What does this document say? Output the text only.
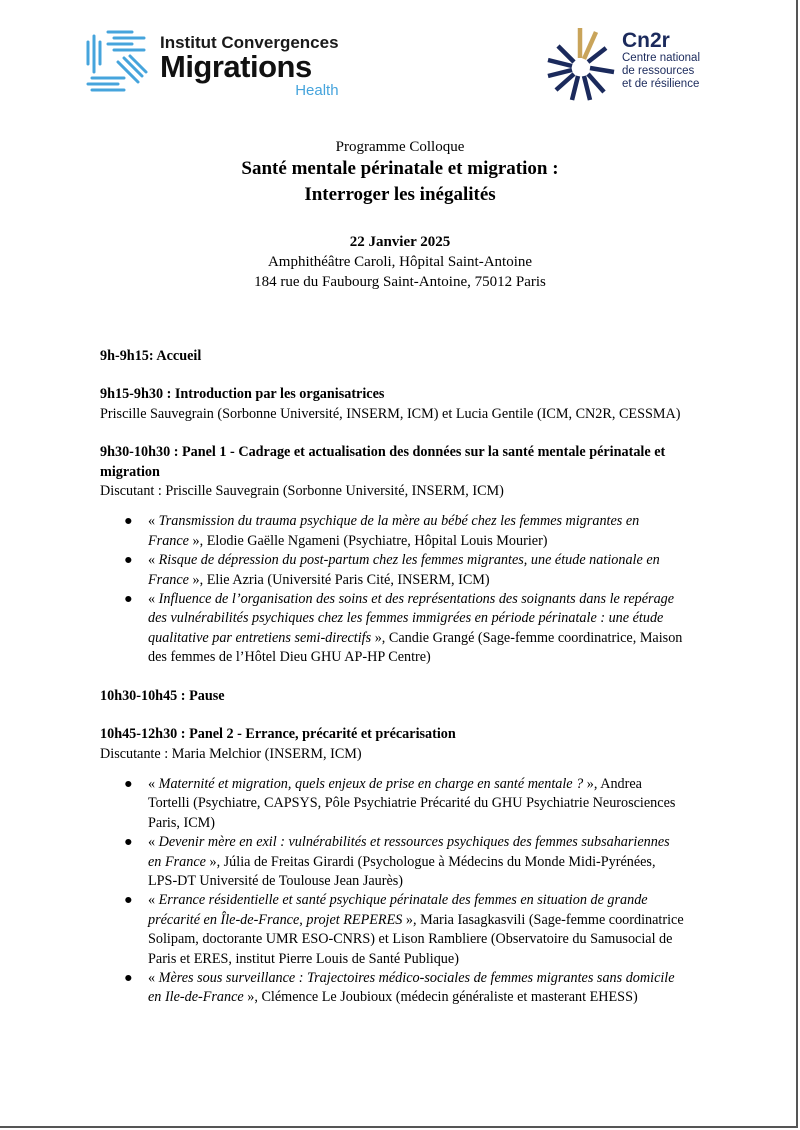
Institut Convergences
Migrations
Health
Cn2r
Centre national
de ressources
et de résilience
Programme Colloque
Santé mentale périnatale et migration :
Interroger les inégalités
22 Janvier 2025
Amphithéâtre Caroli, Hôpital Saint-Antoine
184 rue du Faubourg Saint-Antoine, 75012 Paris
9h-9h15: Accueil
9h15-9h30 : Introduction par les organisatrices
Priscille Sauvegrain (Sorbonne Université, INSERM, ICM) et Lucia Gentile (ICM, CN2R, CESSMA)
9h30-10h30 : Panel 1 - Cadrage et actualisation des données sur la santé mentale périnatale et
migration
Discutant : Priscille Sauvegrain (Sorbonne Université, INSERM, ICM)
● « Transmission du trauma psychique de la mère au bébé chez les femmes migrantes en
France », Elodie Gaëlle Ngameni (Psychiatre, Hôpital Louis Mourier)
● « Risque de dépression du post-partum chez les femmes migrantes, une étude nationale en
France », Elie Azria (Université Paris Cité, INSERM, ICM)
● « Influence de l’organisation des soins et des représentations des soignants dans le repérage
des vulnérabilités psychiques chez les femmes immigrées en période périnatale : une étude
qualitative par entretiens semi-directifs », Candie Grangé (Sage-femme coordinatrice, Maison
des femmes de l’Hôtel Dieu GHU AP-HP Centre)
10h30-10h45 : Pause
10h45-12h30 : Panel 2 - Errance, précarité et précarisation
Discutante : Maria Melchior (INSERM, ICM)
● « Maternité et migration, quels enjeux de prise en charge en santé mentale ? », Andrea
Tortelli (Psychiatre, CAPSYS, Pôle Psychiatrie Précarité du GHU Psychiatrie Neurosciences
Paris, ICM)
● « Devenir mère en exil : vulnérabilités et ressources psychiques des femmes subsahariennes
en France », Júlia de Freitas Girardi (Psychologue à Médecins du Monde Midi-Pyrénées,
LPS-DT Université de Toulouse Jean Jaurès)
● « Errance résidentielle et santé psychique périnatale des femmes en situation de grande
précarité en Île-de-France, projet REPERES », Maria Iasagkasvili (Sage-femme coordinatrice
Solipam, doctorante UMR ESO-CNRS) et Lison Rambliere (Observatoire du Samusocial de
Paris et ERES, institut Pierre Louis de Santé Publique)
● « Mères sous surveillance : Trajectoires médico-sociales de femmes migrantes sans domicile
en Ile-de-France », Clémence Le Joubioux (médecin généraliste et masterant EHESS)
